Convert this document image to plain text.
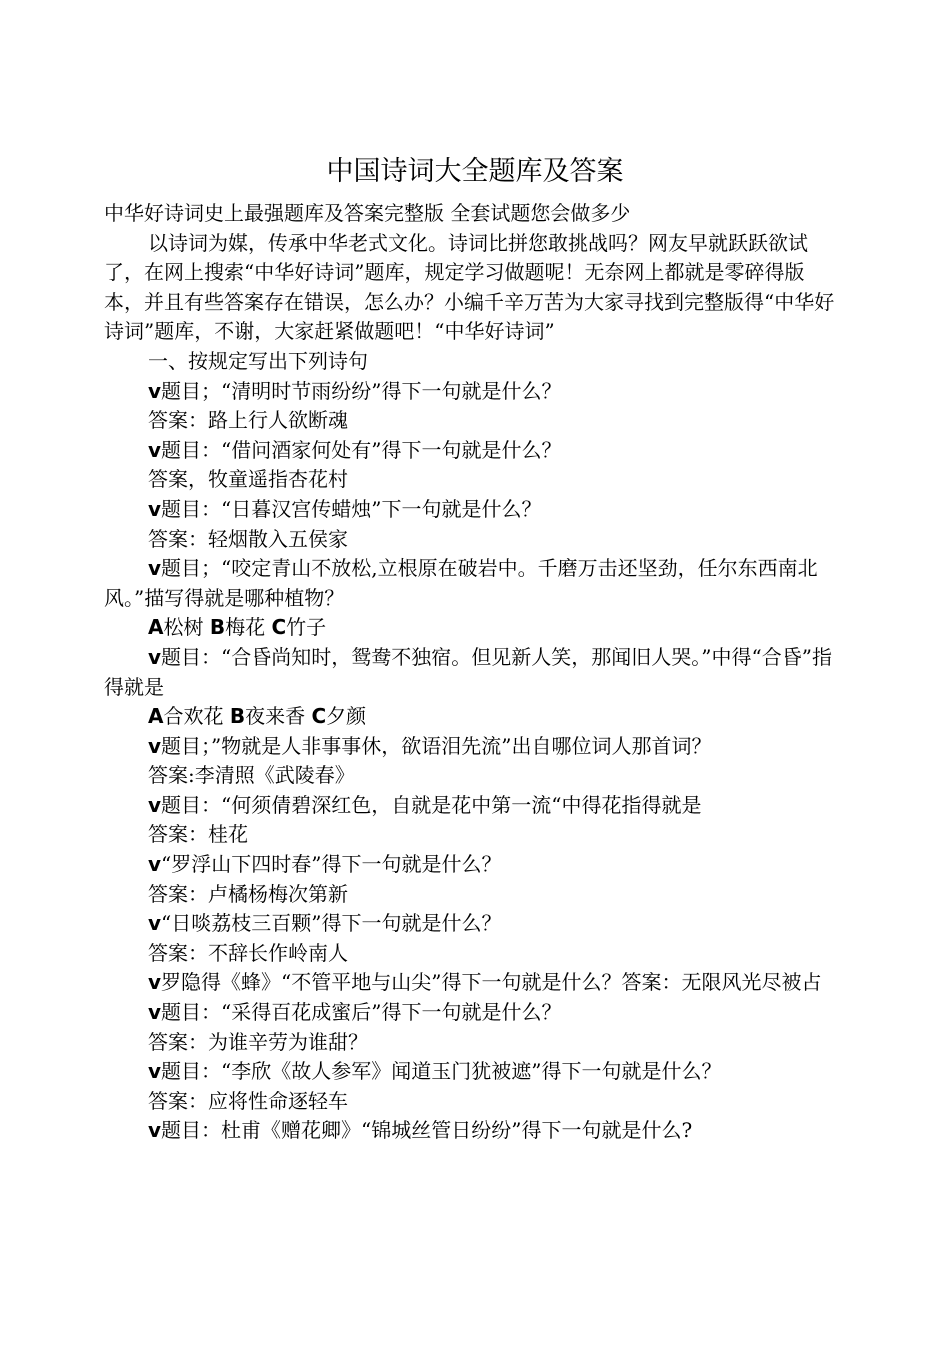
中国诗词大全题库及答案

中华好诗词史上最强题库及答案完整版 全套试题您会做多少

以诗词为媒，传承中华老式文化。诗词比拼您敢挑战吗？网友早就跃跃欲试了，在网上搜索“中华好诗词”题库，规定学习做题呢！无奈网上都就是零碎得版本，并且有些答案存在错误，怎么办？小编千辛万苦为大家寻找到完整版得“中华好诗词”题库，不谢，大家赶紧做题吧！“中华好诗词”

一、按规定写出下列诗句

v题目；“清明时节雨纷纷”得下一句就是什么？

答案：路上行人欲断魂

v题目：“借问酒家何处有”得下一句就是什么？

答案，牧童遥指杏花村

v题目：“日暮汉宫传蜡烛”下一句就是什么？

答案：轻烟散入五侯家

v题目；“咬定青山不放松,立根原在破岩中。千磨万击还坚劲，任尔东西南北风。”描写得就是哪种植物？

A松树 B梅花 C竹子

v题目：“合昏尚知时，鸳鸯不独宿。但见新人笑，那闻旧人哭。”中得“合昏”指得就是

A合欢花 B夜来香 C夕颜

v题目；”物就是人非事事休，欲语泪先流”出自哪位词人那首词？

答案:李清照《武陵春》

v题目：“何须倩碧深红色，自就是花中第一流“中得花指得就是

答案：桂花

v“罗浮山下四时春”得下一句就是什么？

答案：卢橘杨梅次第新

v“日啖荔枝三百颗”得下一句就是什么？

答案：不辞长作岭南人

v罗隐得《蜂》“不管平地与山尖”得下一句就是什么？答案：无限风光尽被占

v题目：“采得百花成蜜后”得下一句就是什么？

答案：为谁辛劳为谁甜？

v题目：“李欣《故人参军》闻道玉门犹被遮”得下一句就是什么？

答案：应将性命逐轻车

v题目：杜甫《赠花卿》“锦城丝管日纷纷”得下一句就是什么?
